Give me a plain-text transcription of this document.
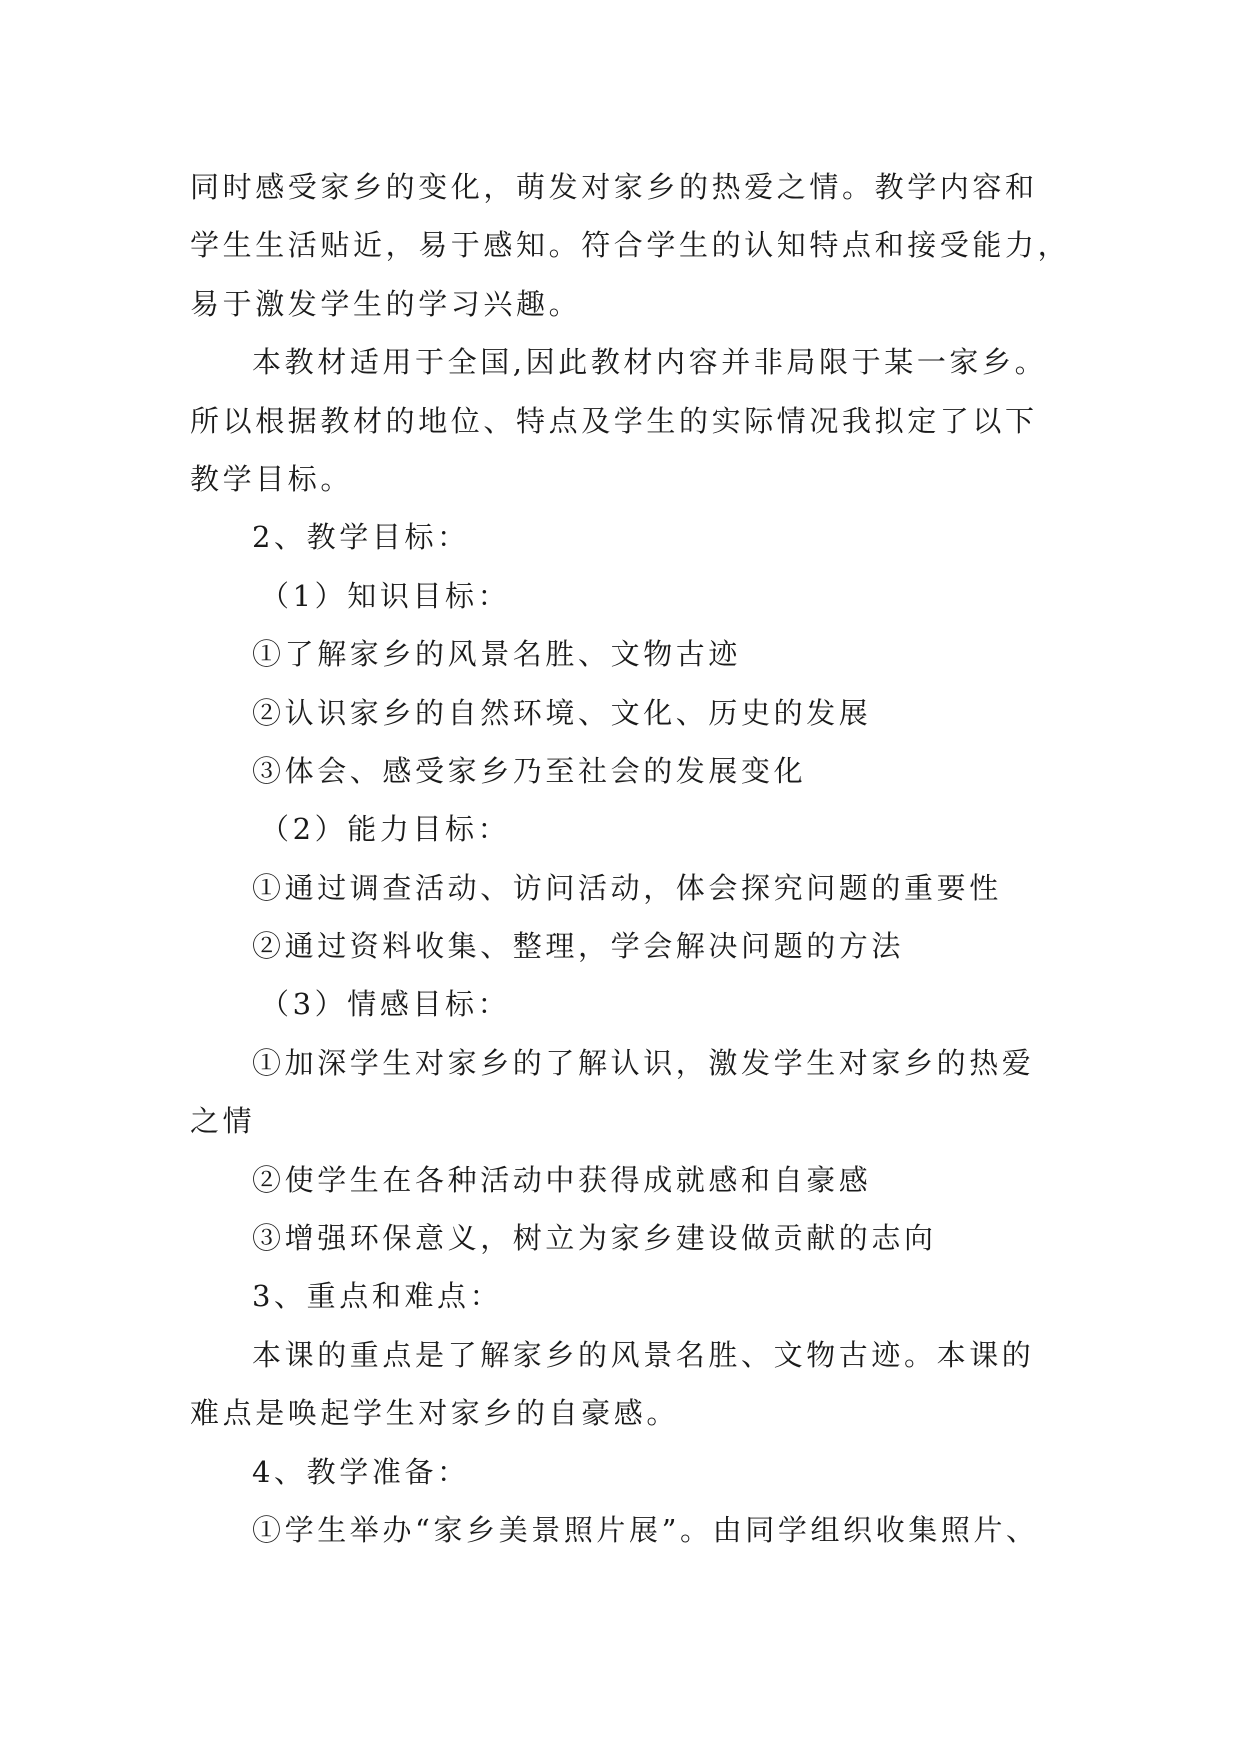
同时感受家乡的变化，萌发对家乡的热爱之情。教学内容和
学生生活贴近，易于感知。符合学生的认知特点和接受能力，
易于激发学生的学习兴趣。
本教材适用于全国,因此教材内容并非局限于某一家乡。
所以根据教材的地位、特点及学生的实际情况我拟定了以下
教学目标。
2、教学目标：
（1）知识目标：
①了解家乡的风景名胜、文物古迹
②认识家乡的自然环境、文化、历史的发展
③体会、感受家乡乃至社会的发展变化
（2）能力目标：
①通过调查活动、访问活动，体会探究问题的重要性
②通过资料收集、整理，学会解决问题的方法
（3）情感目标：
①加深学生对家乡的了解认识，激发学生对家乡的热爱
之情
②使学生在各种活动中获得成就感和自豪感
③增强环保意义，树立为家乡建设做贡献的志向
3、重点和难点：
本课的重点是了解家乡的风景名胜、文物古迹。本课的
难点是唤起学生对家乡的自豪感。
4、教学准备：
①学生举办“家乡美景照片展”。由同学组织收集照片、
